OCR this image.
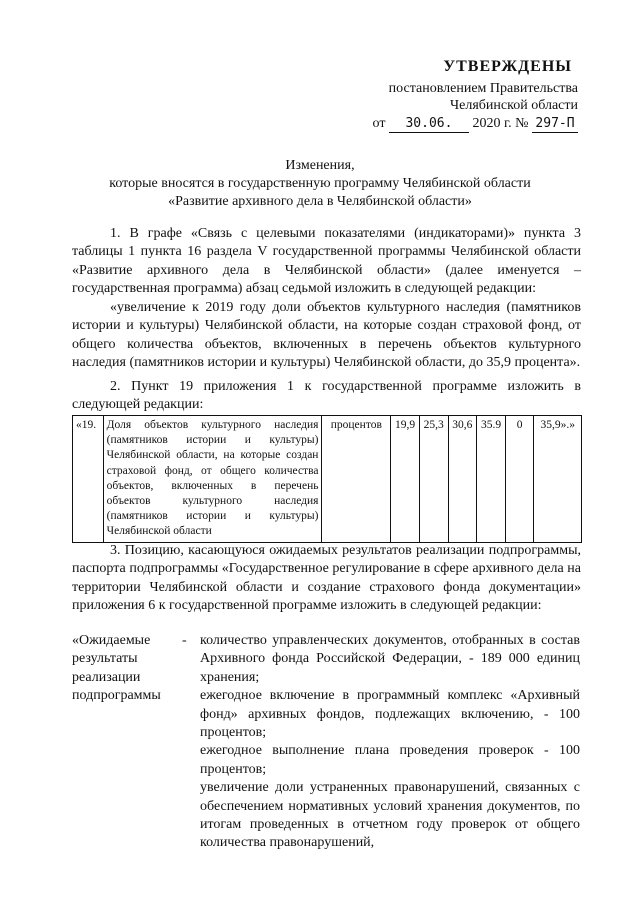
УТВЕРЖДЕНЫ
постановлением Правительства
Челябинской области
от 30.06. 2020 г. № 297-П
Изменения,
которые вносятся в государственную программу Челябинской области
«Развитие архивного дела в Челябинской области»

1. В графе «Связь с целевыми показателями (индикаторами)» пункта 3 таблицы 1 пункта 16 раздела V государственной программы Челябинской области «Развитие архивного дела в Челябинской области» (далее именуется – государственная программа) абзац седьмой изложить в следующей редакции:

«увеличение к 2019 году доли объектов культурного наследия (памятников истории и культуры) Челябинской области, на которые создан страховой фонд, от общего количества объектов, включенных в перечень объектов культурного наследия (памятников истории и культуры) Челябинской области, до 35,9 процента».

2. Пункт 19 приложения 1 к государственной программе изложить в следующей редакции:

«19.	Доля объектов культурного наследия (памятников истории и культуры) Челябинской области, на которые создан страховой фонд, от общего количества объектов, включенных в перечень объектов культурного наследия (памятников истории и культуры) Челябинской области	процентов	19,9	25,3	30,6	35.9	0	35,9».»

3. Позицию, касающуюся ожидаемых результатов реализации подпрограммы, паспорта подпрограммы «Государственное регулирование в сфере архивного дела на территории Челябинской области и создание страхового фонда документации» приложения 6 к государственной программе изложить в следующей редакции:

«Ожидаемые результаты реализации подпрограммы
- количество управленческих документов, отобранных в состав Архивного фонда Российской Федерации, - 189 000 единиц хранения;
ежегодное включение в программный комплекс «Архивный фонд» архивных фондов, подлежащих включению, - 100 процентов;
ежегодное выполнение плана проведения проверок - 100 процентов;
увеличение доли устраненных правонарушений, связанных с обеспечением нормативных условий хранения документов, по итогам проведенных в отчетном году проверок от общего количества правонарушений,
